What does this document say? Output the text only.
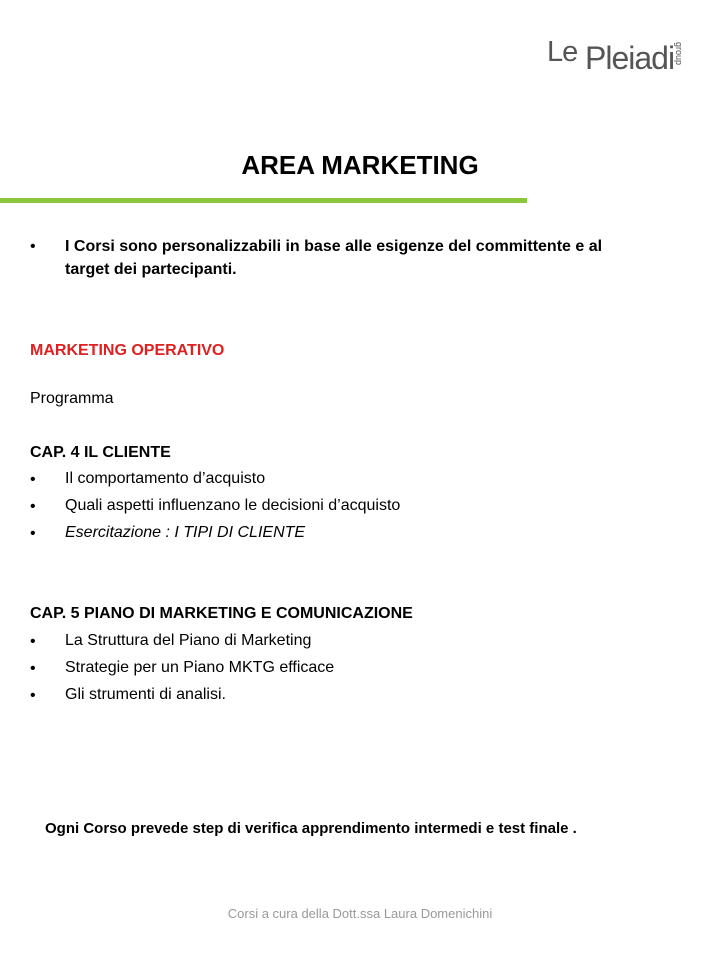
Le Pleiadi group
AREA MARKETING
• I Corsi sono personalizzabili in base alle esigenze del committente e al
target dei partecipanti.
MARKETING OPERATIVO
Programma
CAP. 4 IL CLIENTE
• Il comportamento d’acquisto
• Quali aspetti influenzano le decisioni d’acquisto
• Esercitazione : I TIPI DI CLIENTE
CAP. 5 PIANO DI MARKETING E COMUNICAZIONE
• La Struttura del Piano di Marketing
• Strategie per un Piano MKTG efficace
• Gli strumenti di analisi.
Ogni Corso prevede step di verifica apprendimento intermedi e test finale .
Corsi a cura della Dott.ssa Laura Domenichini
